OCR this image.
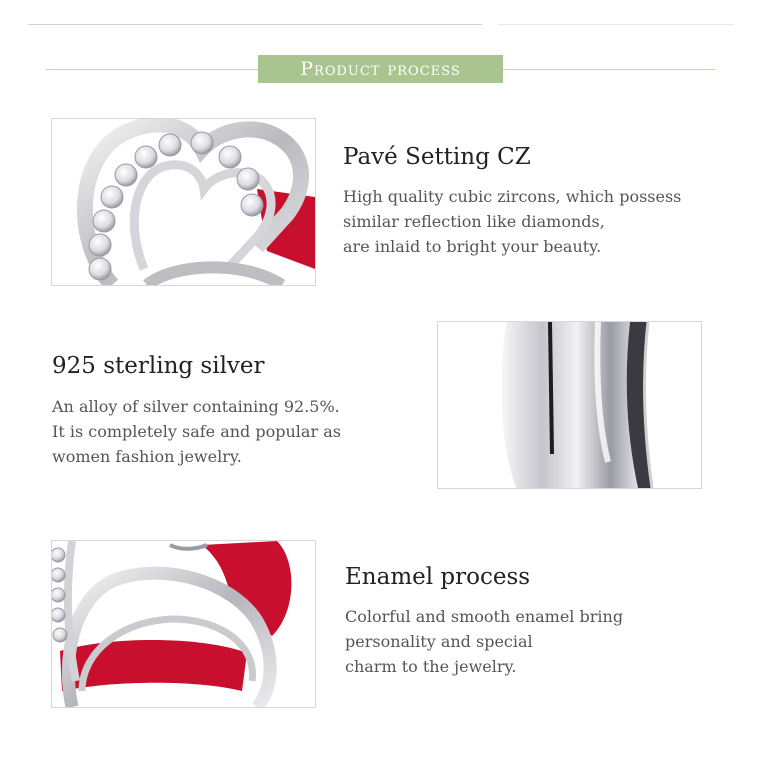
Product process
Pavé Setting CZ
High quality cubic zircons, which possess
similar reflection like diamonds,
are inlaid to bright your beauty.
925 sterling silver
An alloy of silver containing 92.5%.
It is completely safe and popular as
women fashion jewelry.
Enamel process
Colorful and smooth enamel bring
personality and special
charm to the jewelry.
